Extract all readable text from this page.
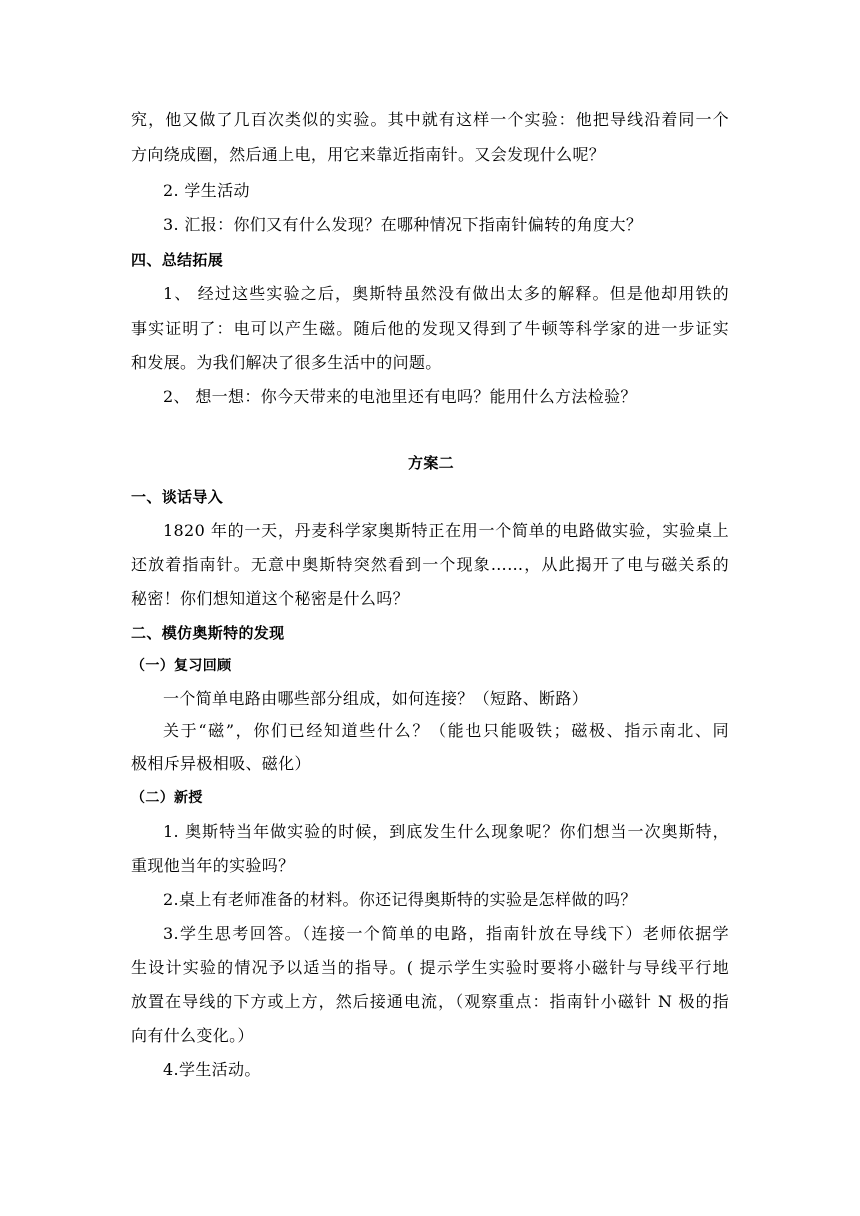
究，他又做了几百次类似的实验。其中就有这样一个实验：他把导线沿着同一个
方向绕成圈，然后通上电，用它来靠近指南针。又会发现什么呢？
2. 学生活动
3. 汇报：你们又有什么发现？在哪种情况下指南针偏转的角度大？
四、总结拓展
1、 经过这些实验之后，奥斯特虽然没有做出太多的解释。但是他却用铁的
事实证明了：电可以产生磁。随后他的发现又得到了牛顿等科学家的进一步证实
和发展。为我们解决了很多生活中的问题。
2、 想一想：你今天带来的电池里还有电吗？能用什么方法检验？
方案二
一、谈话导入
1820 年的一天，丹麦科学家奥斯特正在用一个简单的电路做实验，实验桌上
还放着指南针。无意中奥斯特突然看到一个现象……，从此揭开了电与磁关系的
秘密！你们想知道这个秘密是什么吗？
二、模仿奥斯特的发现
（一）复习回顾
一个简单电路由哪些部分组成，如何连接？（短路、断路）
关于“磁”，你们已经知道些什么？（能也只能吸铁；磁极、指示南北、同
极相斥异极相吸、磁化）
（二）新授
1. 奥斯特当年做实验的时候，到底发生什么现象呢？你们想当一次奥斯特，
重现他当年的实验吗？
2.桌上有老师准备的材料。你还记得奥斯特的实验是怎样做的吗？
3.学生思考回答。（连接一个简单的电路，指南针放在导线下）老师依据学
生设计实验的情况予以适当的指导。( 提示学生实验时要将小磁针与导线平行地
放置在导线的下方或上方，然后接通电流，（观察重点：指南针小磁针 N 极的指
向有什么变化。）
4.学生活动。
